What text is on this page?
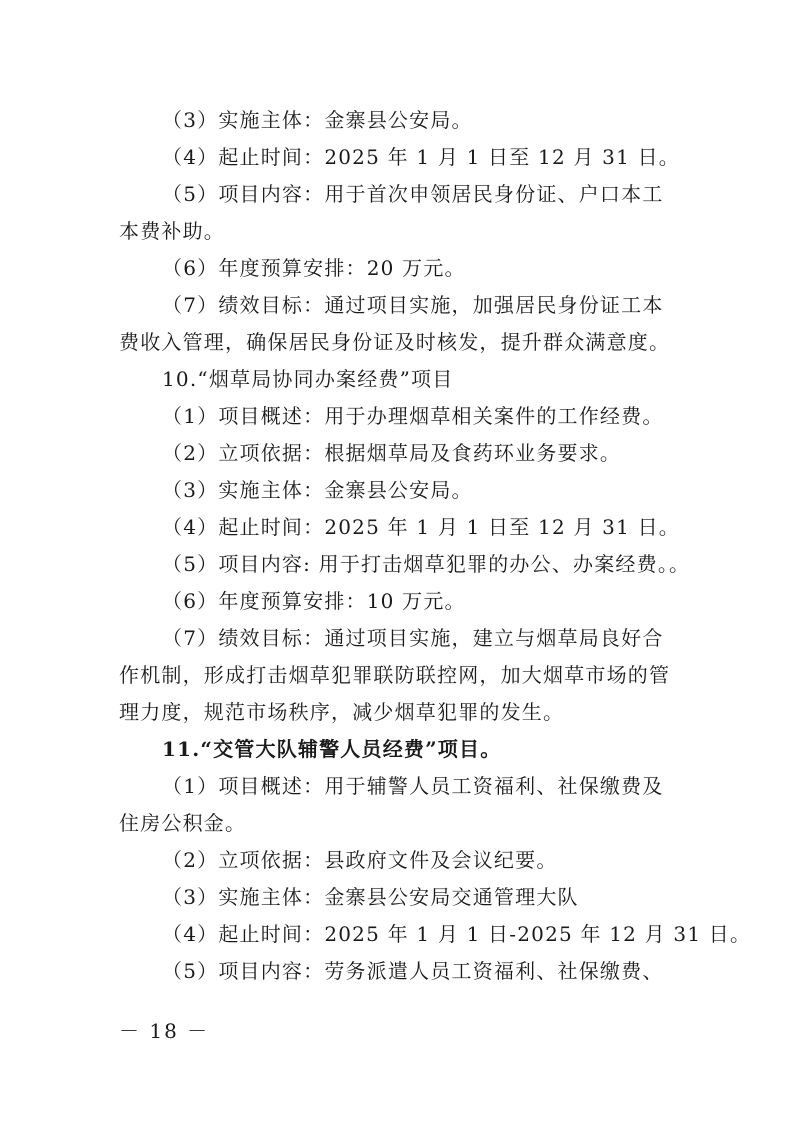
（3）实施主体：金寨县公安局。
（4）起止时间：2025 年 1 月 1 日至 12 月 31 日。
（5）项目内容：用于首次申领居民身份证、户口本工
本费补助。
（6）年度预算安排：20 万元。
（7）绩效目标：通过项目实施，加强居民身份证工本
费收入管理，确保居民身份证及时核发，提升群众满意度。
10.“烟草局协同办案经费”项目
（1）项目概述：用于办理烟草相关案件的工作经费。
（2）立项依据：根据烟草局及食药环业务要求。
（3）实施主体：金寨县公安局。
（4）起止时间：2025 年 1 月 1 日至 12 月 31 日。
（5）项目内容: 用于打击烟草犯罪的办公、办案经费。。
（6）年度预算安排：10 万元。
（7）绩效目标：通过项目实施，建立与烟草局良好合
作机制，形成打击烟草犯罪联防联控网，加大烟草市场的管
理力度，规范市场秩序，减少烟草犯罪的发生。
11.“交管大队辅警人员经费”项目。
（1）项目概述：用于辅警人员工资福利、社保缴费及
住房公积金。
（2）立项依据：县政府文件及会议纪要。
（3）实施主体：金寨县公安局交通管理大队
（4）起止时间：2025 年 1 月 1 日-2025 年 12 月 31 日。
（5）项目内容：劳务派遣人员工资福利、社保缴费、
－ 18 －
